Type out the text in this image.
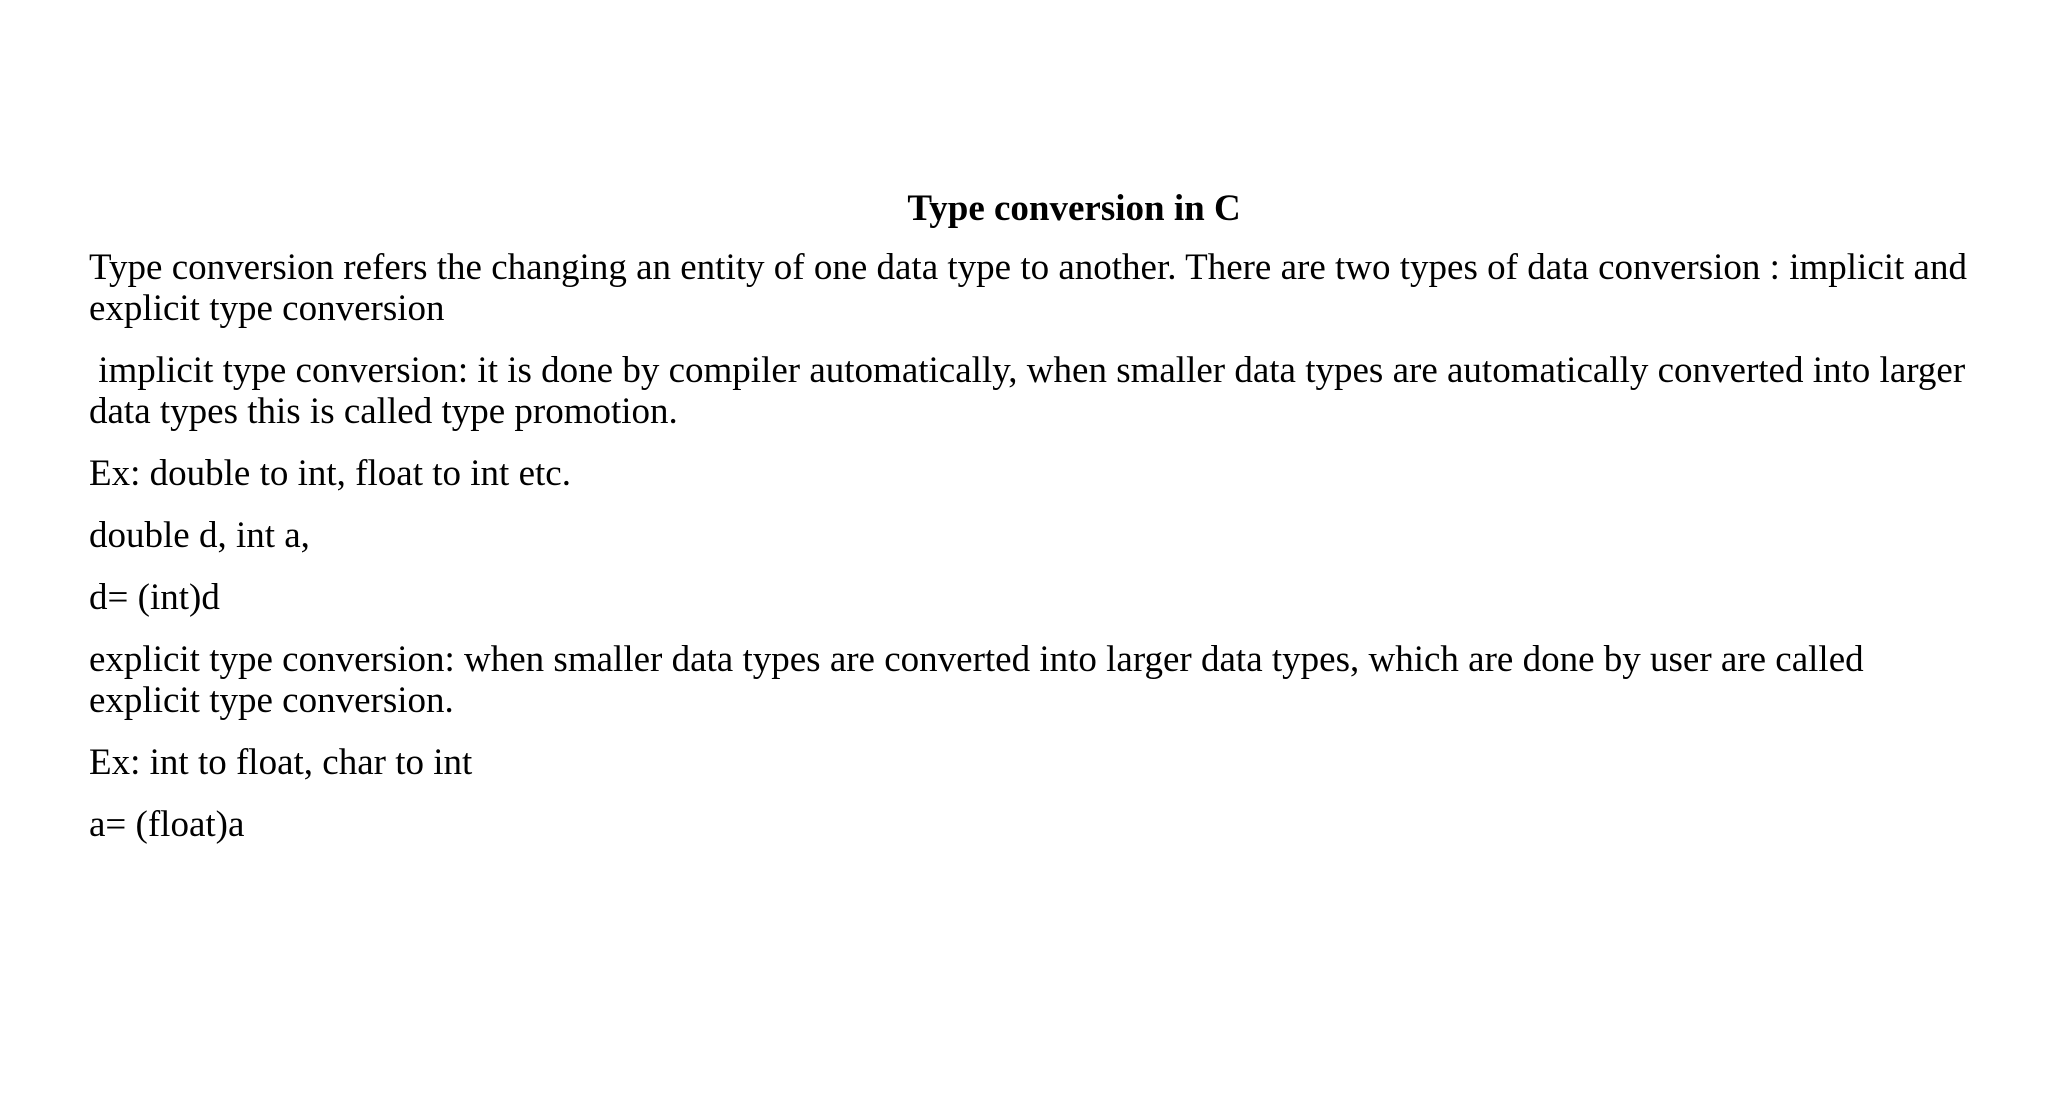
Type conversion in C
Type conversion refers the changing an entity of one data type to another. There are two types of data conversion : implicit and explicit type conversion
implicit type conversion: it is done by compiler automatically, when smaller data types are automatically converted into larger data types this is called type promotion.
Ex: double to int, float to int etc.
double d, int a,
d= (int)d
explicit type conversion: when smaller data types are converted into larger data types, which are done by user are called explicit type conversion.
Ex: int to float, char to int
a= (float)a
